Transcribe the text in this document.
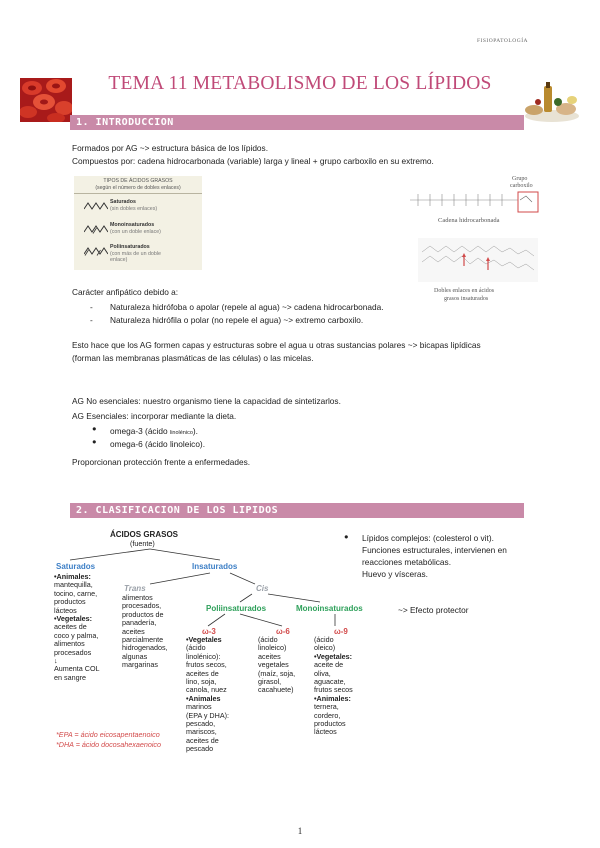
FISIOPATOLOGÍA
TEMA 11 METABOLISMO DE LOS LÍPIDOS
1. INTRODUCCION
Formados por AG ~> estructura básica de los lípidos.
Compuestos por: cadena hidrocarbonada (variable) larga y lineal + grupo carboxilo en su extremo.
TIPOS DE ÁCIDOS GRASOS
(según el número de dobles enlaces)
Saturados
(sin dobles enlaces)
Monoinsaturados
(con un doble enlace)
Poliinsaturados
(con más de un doble
enlace)
Grupo
carboxilo
Cadena hidrocarbonada
Dobles enlaces en ácidos
grasos insaturados
Carácter anfipático debido a:
- Naturaleza hidrófoba o apolar (repele al agua) ~> cadena hidrocarbonada.
- Naturaleza hidrófila o polar (no repele el agua) ~> extremo carboxilo.
Esto hace que los AG formen capas y estructuras sobre el agua u otras sustancias polares ~> bicapas lipídicas
(forman las membranas plasmáticas de las células) o las micelas.
AG No esenciales: nuestro organismo tiene la capacidad de sintetizarlos.
AG Esenciales: incorporar mediante la dieta.
● omega-3 (ácido linolénico).
● omega-6 (ácido linoleico).
Proporcionan protección frente a enfermedades.
2. CLASIFICACION DE LOS LIPIDOS
ÁCIDOS GRASOS
(fuente)
Saturados
•Animales:
mantequilla,
tocino, carne,
productos
lácteos
•Vegetales:
aceites de
coco y palma,
alimentos
procesados
↓
Aumenta COL
en sangre
Insaturados
Trans
alimentos
procesados,
productos de
panadería,
aceites
parcialmente
hidrogenados,
algunas
margarinas
Cis
Poliinsaturados	Monoinsaturados	~> Efecto protector
ω-3
•Vegetales
(ácido
linolénico):
frutos secos,
aceites de
lino, soja,
canola, nuez
•Animales
marinos
(EPA y DHA):
pescado,
mariscos,
aceites de
pescado
ω-6
(ácido
linoleico)
aceites
vegetales
(maíz, soja,
girasol,
cacahuete)
ω-9
(ácido
oleico)
•Vegetales:
aceite de
oliva,
aguacate,
frutos secos
•Animales:
ternera,
cordero,
productos
lácteos
*EPA = ácido eicosapentaenoico
*DHA = ácido docosahexaenoico
● Lípidos complejos: (colesterol o vit).
Funciones estructurales, intervienen en
reacciones metabólicas.
Huevo y vísceras.
1
